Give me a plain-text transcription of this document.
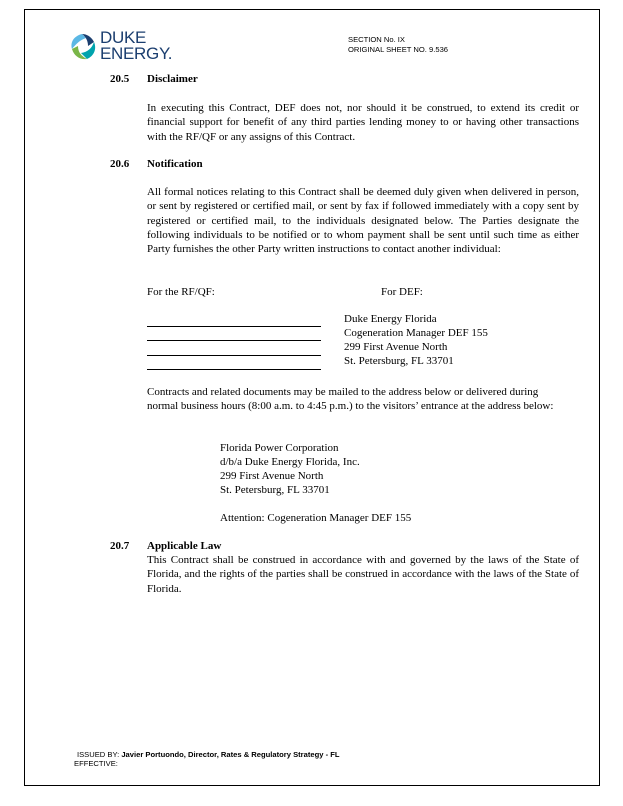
DUKE
ENERGY.
SECTION No. IX
ORIGINAL SHEET NO. 9.536
20.5 Disclaimer
In executing this Contract, DEF does not, nor should it be construed, to extend its credit or financial support for benefit of any third parties lending money to or having other transactions with the RF/QF or any assigns of this Contract.
20.6 Notification
All formal notices relating to this Contract shall be deemed duly given when delivered in person, or sent by registered or certified mail, or sent by fax if followed immediately with a copy sent by registered or certified mail, to the individuals designated below. The Parties designate the following individuals to be notified or to whom payment shall be sent until such time as either Party furnishes the other Party written instructions to contact another individual:
For the RF/QF:	For DEF:
Duke Energy Florida
Cogeneration Manager DEF 155
299 First Avenue North
St. Petersburg, FL 33701
Contracts and related documents may be mailed to the address below or delivered during normal business hours (8:00 a.m. to 4:45 p.m.) to the visitors’ entrance at the address below:
Florida Power Corporation
d/b/a Duke Energy Florida, Inc.
299 First Avenue North
St. Petersburg, FL 33701
Attention: Cogeneration Manager DEF 155
20.7 Applicable Law
This Contract shall be construed in accordance with and governed by the laws of the State of Florida, and the rights of the parties shall be construed in accordance with the laws of the State of Florida.
ISSUED BY: Javier Portuondo, Director, Rates & Regulatory Strategy - FL
EFFECTIVE:
